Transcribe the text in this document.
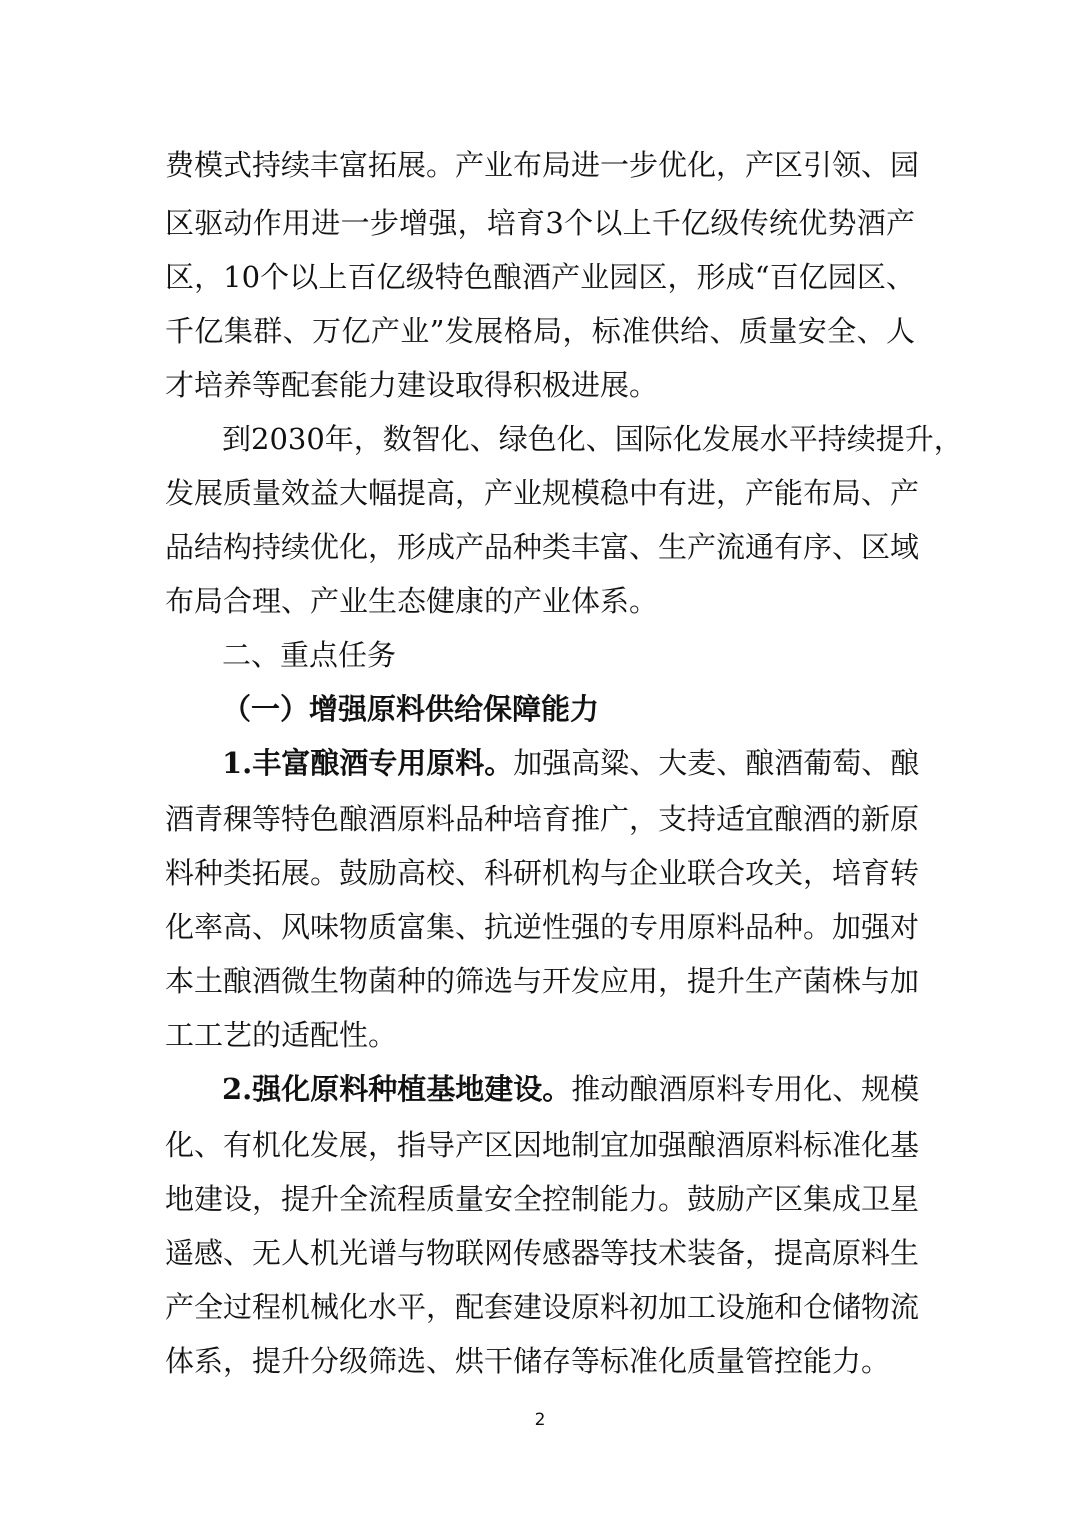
费模式持续丰富拓展。产业布局进一步优化，产区引领、园
区驱动作用进一步增强，培育3个以上千亿级传统优势酒产
区，10个以上百亿级特色酿酒产业园区，形成“百亿园区、
千亿集群、万亿产业”发展格局，标准供给、质量安全、人
才培养等配套能力建设取得积极进展。
到2030年，数智化、绿色化、国际化发展水平持续提升，
发展质量效益大幅提高，产业规模稳中有进，产能布局、产
品结构持续优化，形成产品种类丰富、生产流通有序、区域
布局合理、产业生态健康的产业体系。
二、重点任务
（一）增强原料供给保障能力
1.丰富酿酒专用原料。加强高粱、大麦、酿酒葡萄、酿
酒青稞等特色酿酒原料品种培育推广，支持适宜酿酒的新原
料种类拓展。鼓励高校、科研机构与企业联合攻关，培育转
化率高、风味物质富集、抗逆性强的专用原料品种。加强对
本土酿酒微生物菌种的筛选与开发应用，提升生产菌株与加
工工艺的适配性。
2.强化原料种植基地建设。推动酿酒原料专用化、规模
化、有机化发展，指导产区因地制宜加强酿酒原料标准化基
地建设，提升全流程质量安全控制能力。鼓励产区集成卫星
遥感、无人机光谱与物联网传感器等技术装备，提高原料生
产全过程机械化水平，配套建设原料初加工设施和仓储物流
体系，提升分级筛选、烘干储存等标准化质量管控能力。
2
